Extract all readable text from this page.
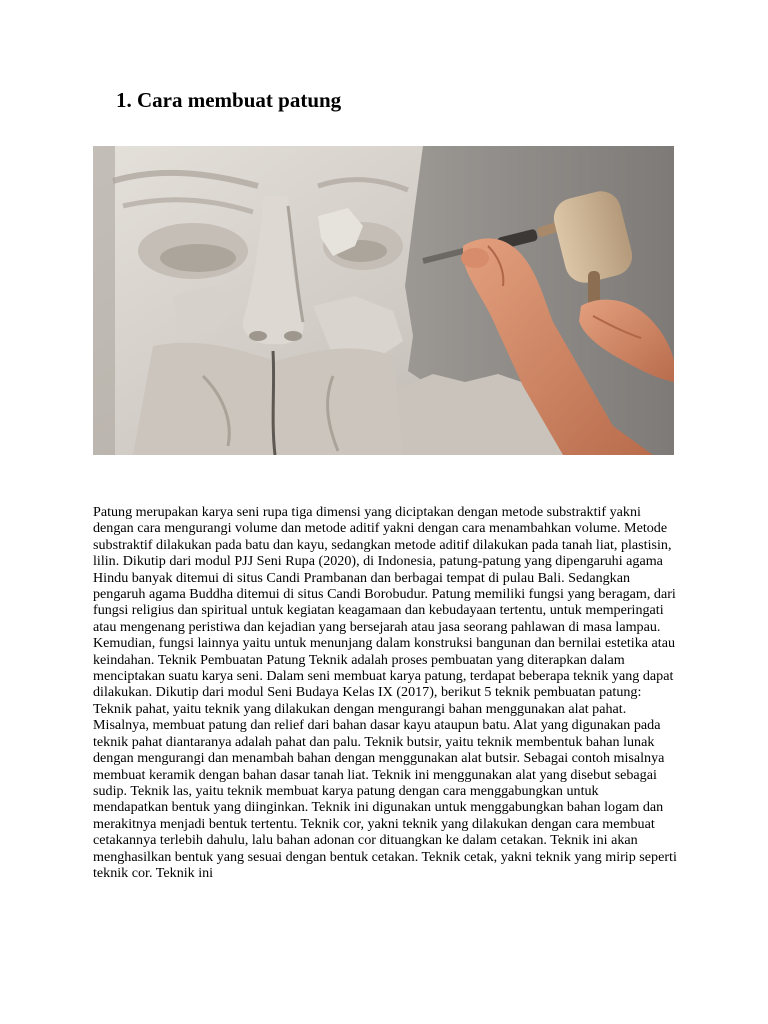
1. Cara membuat patung

Patung merupakan karya seni rupa tiga dimensi yang diciptakan dengan metode substraktif yakni dengan cara mengurangi volume dan metode aditif yakni dengan cara menambahkan volume. Metode substraktif dilakukan pada batu dan kayu, sedangkan metode aditif dilakukan pada tanah liat, plastisin, lilin. Dikutip dari modul PJJ Seni Rupa (2020), di Indonesia, patung-patung yang dipengaruhi agama Hindu banyak ditemui di situs Candi Prambanan dan berbagai tempat di pulau Bali. Sedangkan pengaruh agama Buddha ditemui di situs Candi Borobudur. Patung memiliki fungsi yang beragam, dari fungsi religius dan spiritual untuk kegiatan keagamaan dan kebudayaan tertentu, untuk memperingati atau mengenang peristiwa dan kejadian yang bersejarah atau jasa seorang pahlawan di masa lampau. Kemudian, fungsi lainnya yaitu untuk menunjang dalam konstruksi bangunan dan bernilai estetika atau keindahan. Teknik Pembuatan Patung Teknik adalah proses pembuatan yang diterapkan dalam menciptakan suatu karya seni. Dalam seni membuat karya patung, terdapat beberapa teknik yang dapat dilakukan. Dikutip dari modul Seni Budaya Kelas IX (2017), berikut 5 teknik pembuatan patung: Teknik pahat, yaitu teknik yang dilakukan dengan mengurangi bahan menggunakan alat pahat. Misalnya, membuat patung dan relief dari bahan dasar kayu ataupun batu. Alat yang digunakan pada teknik pahat diantaranya adalah pahat dan palu. Teknik butsir, yaitu teknik membentuk bahan lunak dengan mengurangi dan menambah bahan dengan menggunakan alat butsir. Sebagai contoh misalnya membuat keramik dengan bahan dasar tanah liat. Teknik ini menggunakan alat yang disebut sebagai sudip. Teknik las, yaitu teknik membuat karya patung dengan cara menggabungkan untuk mendapatkan bentuk yang diinginkan. Teknik ini digunakan untuk menggabungkan bahan logam dan merakitnya menjadi bentuk tertentu. Teknik cor, yakni teknik yang dilakukan dengan cara membuat cetakannya terlebih dahulu, lalu bahan adonan cor dituangkan ke dalam cetakan. Teknik ini akan menghasilkan bentuk yang sesuai dengan bentuk cetakan. Teknik cetak, yakni teknik yang mirip seperti teknik cor. Teknik ini
